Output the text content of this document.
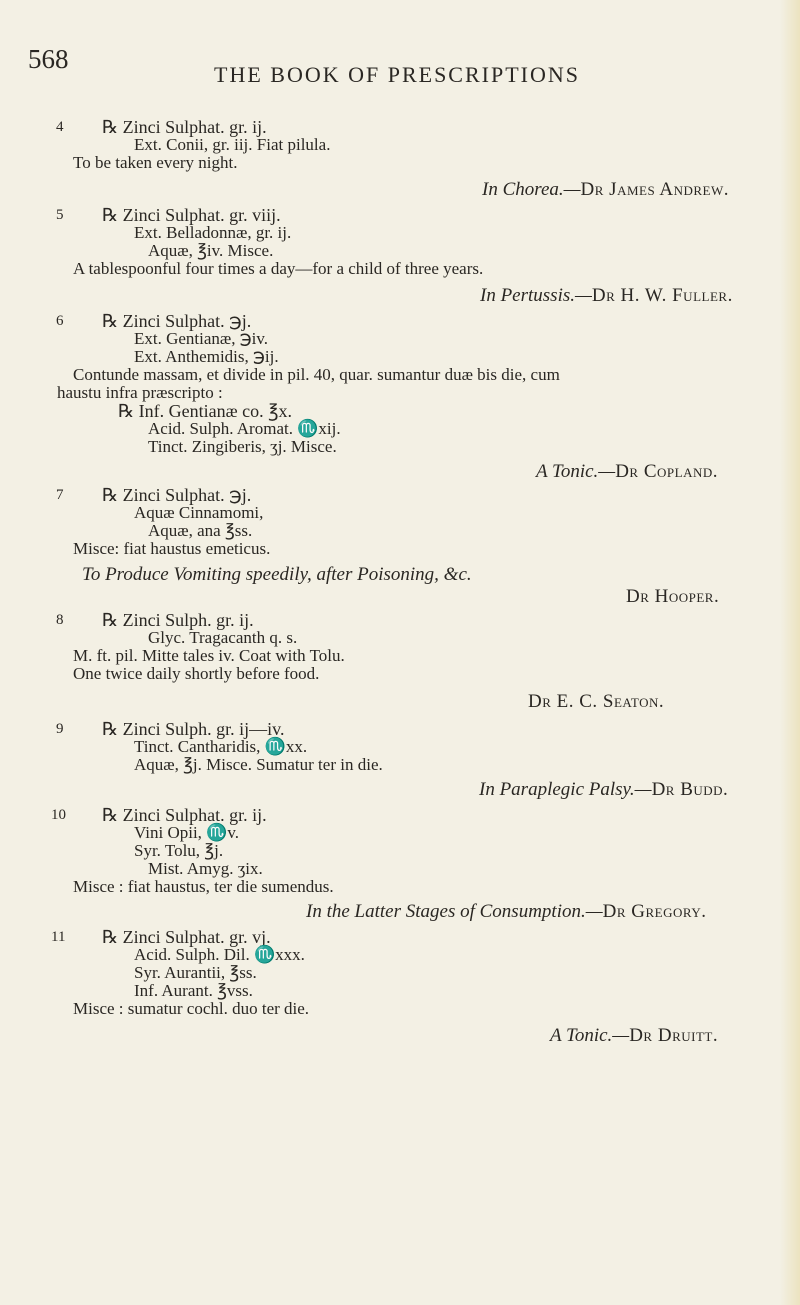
568
THE BOOK OF PRESCRIPTIONS
4 ℞ Zinci Sulphat. gr. ij.
Ext. Conii, gr. iij. Fiat pilula.
To be taken every night.
In Chorea.—Dr James Andrew.
5 ℞ Zinci Sulphat. gr. viij.
Ext. Belladonnæ, gr. ij.
Aquæ, ℥iv. Misce.
A tablespoonful four times a day—for a child of three years.
In Pertussis.—Dr H. W. Fuller.
6 ℞ Zinci Sulphat. ℈j.
Ext. Gentianæ, ℈iv.
Ext. Anthemidis, ℈ij.
Contunde massam, et divide in pil. 40, quar. sumantur duæ bis die, cum
haustu infra præscripto :
℞ Inf. Gentianæ co. ℥x.
Acid. Sulph. Aromat. ♏xij.
Tinct. Zingiberis, ʒj. Misce.
A Tonic.—Dr Copland.
7 ℞ Zinci Sulphat. ℈j.
Aquæ Cinnamomi,
Aquæ, ana ℥ss.
Misce: fiat haustus emeticus.
To Produce Vomiting speedily, after Poisoning, &c.
Dr Hooper.
8 ℞ Zinci Sulph. gr. ij.
Glyc. Tragacanth q. s.
M. ft. pil. Mitte tales iv. Coat with Tolu.
One twice daily shortly before food.
Dr E. C. Seaton.
9 ℞ Zinci Sulph. gr. ij—iv.
Tinct. Cantharidis, ♏xx.
Aquæ, ℥j. Misce. Sumatur ter in die.
In Paraplegic Palsy.—Dr Budd.
10 ℞ Zinci Sulphat. gr. ij.
Vini Opii, ♏v.
Syr. Tolu, ℥j.
Mist. Amyg. ʒix.
Misce : fiat haustus, ter die sumendus.
In the Latter Stages of Consumption.—Dr Gregory.
11 ℞ Zinci Sulphat. gr. vj.
Acid. Sulph. Dil. ♏xxx.
Syr. Aurantii, ℥ss.
Inf. Aurant. ℥vss.
Misce : sumatur cochl. duo ter die.
A Tonic.—Dr Druitt.
